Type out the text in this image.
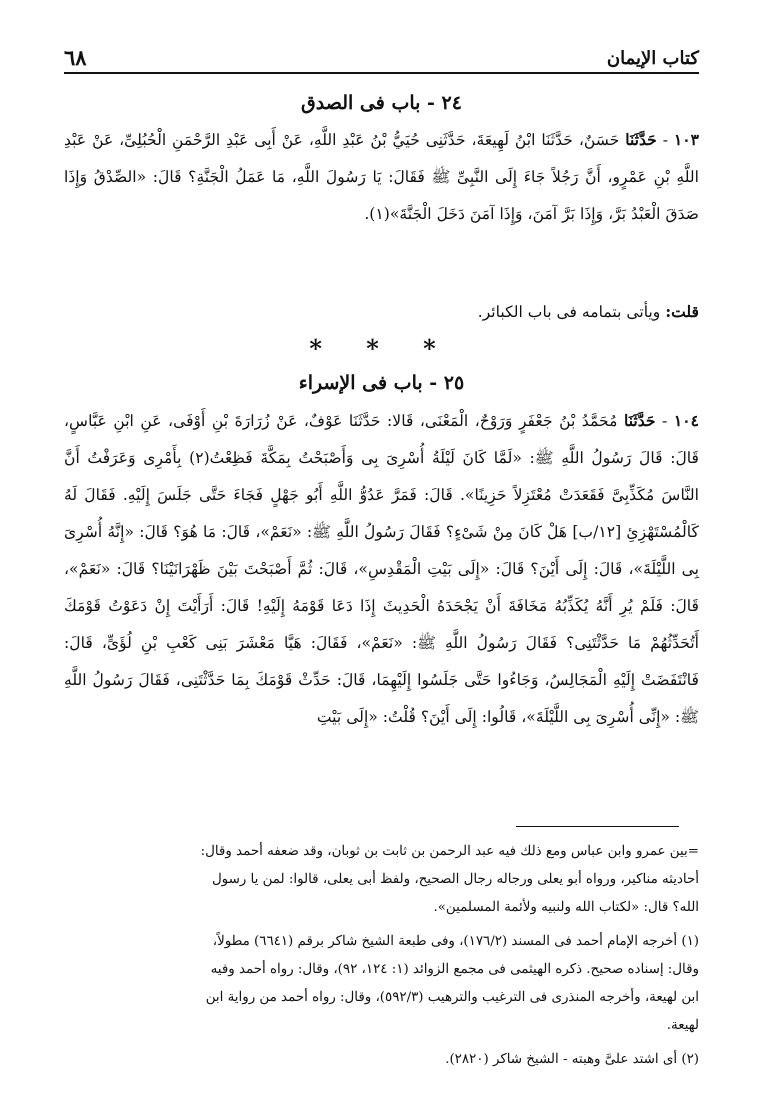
كتاب الإيمان
٦٨
٢٤ - باب فى الصدق
١٠٣ - حَدَّثَنَا حَسَنٌ، حَدَّثَنَا ابْنُ لَهِيعَةَ، حَدَّثَنِى حُيَيُّ بْنُ عَبْدِ اللَّهِ، عَنْ أَبِى عَبْدِ الرَّحْمَنِ الْحُبُلِىِّ، عَنْ عَبْدِ اللَّهِ بْنِ عَمْرٍو، أَنَّ رَجُلاً جَاءَ إِلَى النَّبِىِّ ﷺ فَقَالَ: يَا رَسُولَ اللَّهِ، مَا عَمَلُ الْجَنَّةِ؟ قَالَ: «الصِّدْقُ وَإِذَا صَدَقَ الْعَبْدُ بَرَّ، وَإِذَا بَرَّ آمَنَ، وَإِذَا آمَنَ دَخَلَ الْجَنَّةَ»(١).
قلت: ويأتى بتمامه فى باب الكبائر.
* * *
٢٥ - باب فى الإسراء
١٠٤ - حَدَّثَنَا مُحَمَّدُ بْنُ جَعْفَرٍ وَرَوْحٌ، الْمَعْنَى، قَالا: حَدَّثَنَا عَوْفٌ، عَنْ زُرَارَةَ بْنِ أَوْفَى، عَنِ ابْنِ عَبَّاسٍ، قَالَ: قَالَ رَسُولُ اللَّهِ ﷺ: «لَمَّا كَانَ لَيْلَةُ أُسْرِىَ بِى وَأَصْبَحْتُ بِمَكَّةَ فَظِعْتُ(٢) بِأَمْرِى وَعَرَفْتُ أَنَّ النَّاسَ مُكَذِّبِىَّ فَقَعَدَتْ مُعْتَزِلاً حَزِينًا». قَالَ: فَمَرَّ عَدُوُّ اللَّهِ أَبُو جَهْلٍ فَجَاءَ حَتَّى جَلَسَ إِلَيْهِ. فَقَالَ لَهُ كَالْمُسْتَهْزِئِ [١٢/ب] هَلْ كَانَ مِنْ شَىْءٍ؟ فَقَالَ رَسُولُ اللَّهِ ﷺ: «نَعَمْ»، قَالَ: مَا هُوَ؟ قَالَ: «إِنَّهُ أُسْرِىَ بِى اللَّيْلَةَ»، قَالَ: إِلَى أَيْنَ؟ قَالَ: «إِلَى بَيْتِ الْمَقْدِسِ»، قَالَ: ثُمَّ أَصْبَحْتَ بَيْنَ ظَهْرَانَيْنَا؟ قَالَ: «نَعَمْ»، قَالَ: فَلَمْ يُرِ أَنَّهُ يُكَذِّبُهُ مَخَافَةَ أَنْ يَجْحَدَهُ الْحَدِيثَ إِذَا دَعَا قَوْمَهُ إِلَيْهِ! قَالَ: أَرَأَيْتَ إِنْ دَعَوْتُ قَوْمَكَ أَتُحَدِّثُهُمْ مَا حَدَّثْتَنِى؟ فَقَالَ رَسُولُ اللَّهِ ﷺ: «نَعَمْ»، فَقَالَ: هَيَّا مَعْشَرَ بَنِى كَعْبِ بْنِ لُؤَىٍّ، قَالَ: فَانْتَفَضَتْ إِلَيْهِ الْمَجَالِسُ، وَجَاءُوا حَتَّى جَلَسُوا إِلَيْهِمَا، قَالَ: حَدِّثْ قَوْمَكَ بِمَا حَدَّثْتَنِى، فَقَالَ رَسُولُ اللَّهِ ﷺ: «إِنِّى أُسْرِىَ بِى اللَّيْلَةَ»، قَالُوا: إِلَى أَيْنَ؟ قُلْتُ: «إِلَى بَيْتِ
=بين عمرو وابن عباس ومع ذلك فيه عبد الرحمن بن ثابت بن ثوبان، وقد ضعفه أحمد وقال:
أحاديثه مناكير، ورواه أبو يعلى ورجاله رجال الصحيح، ولفظ أبى يعلى، قالوا: لمن يا رسول
الله؟ قال: «لكتاب الله ولنبيه ولأئمة المسلمين».
(١) أخرجه الإمام أحمد فى المسند (١٧٦/٢)، وفى طبعة الشيخ شاكر برقم (٦٦٤١) مطولاً،
وقال: إسناده صحيح. ذكره الهيثمى فى مجمع الزوائد (١: ١٢٤، ٩٢)، وقال: رواه أحمد وفيه
ابن لهيعة، وأخرجه المنذرى فى الترغيب والترهيب (٥٩٢/٣)، وقال: رواه أحمد من رواية ابن
لهيعة.
(٢) أى اشتد علىَّ وهبته - الشيخ شاكر (٢٨٢٠).
